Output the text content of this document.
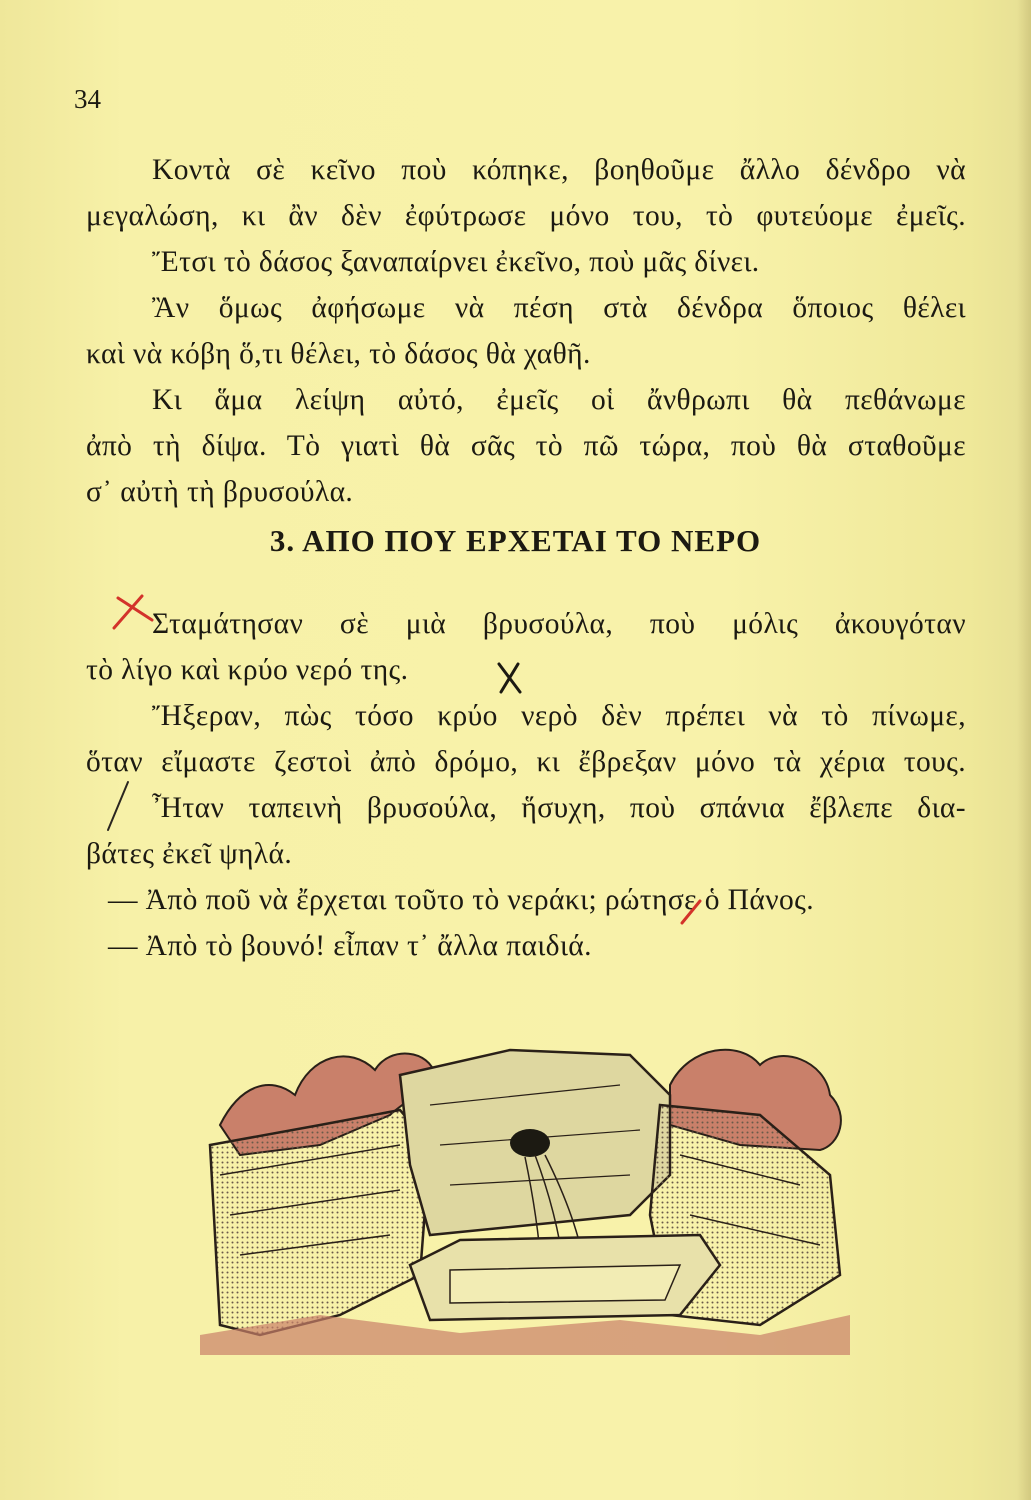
34

Κοντὰ σὲ κεῖνο ποὺ κόπηκε, βοηθοῦμε ἄλλο δένδρο νὰ
μεγαλώση, κι ἂν δὲν ἐφύτρωσε μόνο του, τὸ φυτεύομε ἐμεῖς.

Ἔτσι τὸ δάσος ξαναπαίρνει ἐκεῖνο, ποὺ μᾶς δίνει.

Ἂν ὅμως ἀφήσωμε νὰ πέση στὰ δένδρα ὅποιος θέλει
καὶ νὰ κόβη ὅ,τι θέλει, τὸ δάσος θὰ χαθῆ.

Κι ἅμα λείψη αὐτό, ἐμεῖς οἱ ἄνθρωπι θὰ πεθάνωμε
ἀπὸ τὴ δίψα. Τὸ γιατὶ θὰ σᾶς τὸ πῶ τώρα, ποὺ θὰ σταθοῦμε
σ᾿ αὐτὴ τὴ βρυσούλα.

3. ΑΠΟ ΠΟΥ ΕΡΧΕΤΑΙ ΤΟ ΝΕΡΟ

Σταμάτησαν σὲ μιὰ βρυσούλα, ποὺ μόλις ἀκουγόταν
τὸ λίγο καὶ κρύο νερό της.

Ἤξεραν, πὼς τόσο κρύο νερὸ δὲν πρέπει νὰ τὸ πίνωμε,
ὅταν εἴμαστε ζεστοὶ ἀπὸ δρόμο, κι ἔβρεξαν μόνο τὰ χέρια τους.

Ἦταν ταπεινὴ βρυσούλα, ἥσυχη, ποὺ σπάνια ἔβλεπε δια-
βάτες ἐκεῖ ψηλά.

— Ἀπὸ ποῦ νὰ ἔρχεται τοῦτο τὸ νεράκι; ρώτησε ὁ Πάνος.

— Ἀπὸ τὸ βουνό! εἶπαν τ᾿ ἄλλα παιδιά.
